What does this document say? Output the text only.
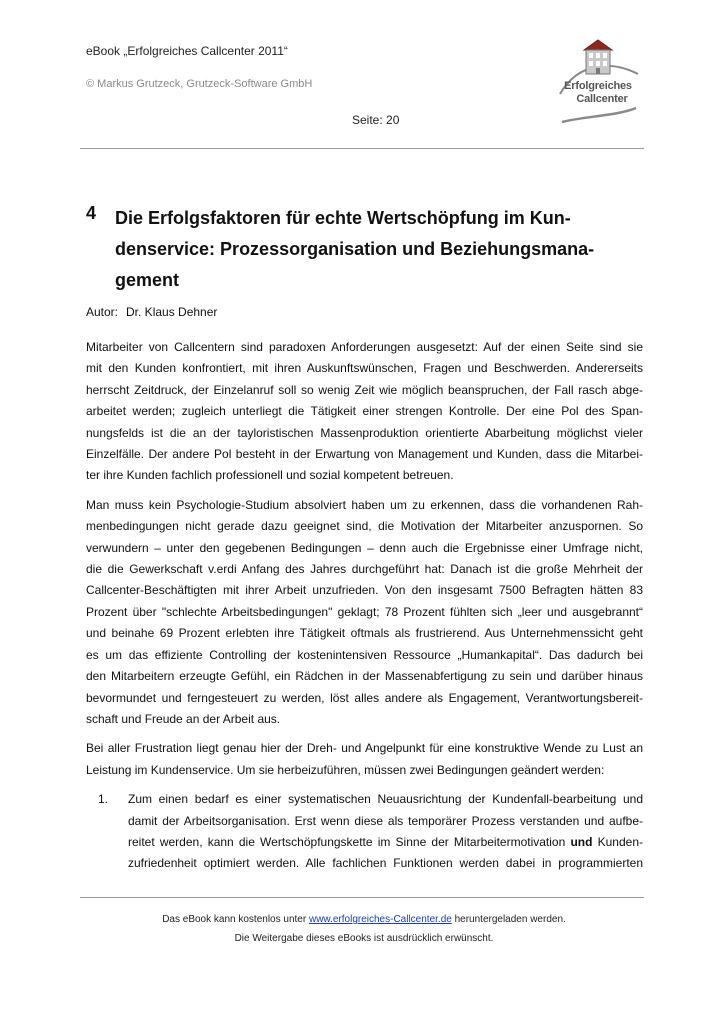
eBook „Erfolgreiches Callcenter 2011“
© Markus Grutzeck, Grutzeck-Software GmbH
Seite: 20
Erfolgreiches
Callcenter
4 Die Erfolgsfaktoren für echte Wertschöpfung im Kun-
denservice: Prozessorganisation und Beziehungsmana-
gement
Autor: Dr. Klaus Dehner

Mitarbeiter von Callcentern sind paradoxen Anforderungen ausgesetzt: Auf der einen Seite sind sie
mit den Kunden konfrontiert, mit ihren Auskunftswünschen, Fragen und Beschwerden. Andererseits
herrscht Zeitdruck, der Einzelanruf soll so wenig Zeit wie möglich beanspruchen, der Fall rasch abge-
arbeitet werden; zugleich unterliegt die Tätigkeit einer strengen Kontrolle. Der eine Pol des Span-
nungsfelds ist die an der tayloristischen Massenproduktion orientierte Abarbeitung möglichst vieler
Einzelfälle. Der andere Pol besteht in der Erwartung von Management und Kunden, dass die Mitarbei-
ter ihre Kunden fachlich professionell und sozial kompetent betreuen.

Man muss kein Psychologie-Studium absolviert haben um zu erkennen, dass die vorhandenen Rah-
menbedingungen nicht gerade dazu geeignet sind, die Motivation der Mitarbeiter anzuspornen. So
verwundern – unter den gegebenen Bedingungen – denn auch die Ergebnisse einer Umfrage nicht,
die die Gewerkschaft v.erdi Anfang des Jahres durchgeführt hat: Danach ist die große Mehrheit der
Callcenter-Beschäftigten mit ihrer Arbeit unzufrieden. Von den insgesamt 7500 Befragten hätten 83
Prozent über "schlechte Arbeitsbedingungen" geklagt; 78 Prozent fühlten sich „leer und ausgebrannt“
und beinahe 69 Prozent erlebten ihre Tätigkeit oftmals als frustrierend. Aus Unternehmenssicht geht
es um das effiziente Controlling der kostenintensiven Ressource „Humankapital“. Das dadurch bei
den Mitarbeitern erzeugte Gefühl, ein Rädchen in der Massenabfertigung zu sein und darüber hinaus
bevormundet und ferngesteuert zu werden, löst alles andere als Engagement, Verantwortungsbereit-
schaft und Freude an der Arbeit aus.

Bei aller Frustration liegt genau hier der Dreh- und Angelpunkt für eine konstruktive Wende zu Lust an
Leistung im Kundenservice. Um sie herbeizuführen, müssen zwei Bedingungen geändert werden:

1. Zum einen bedarf es einer systematischen Neuausrichtung der Kundenfall-bearbeitung und
damit der Arbeitsorganisation. Erst wenn diese als temporärer Prozess verstanden und aufbe-
reitet werden, kann die Wertschöpfungskette im Sinne der Mitarbeitermotivation und Kunden-
zufriedenheit optimiert werden. Alle fachlichen Funktionen werden dabei in programmierten
Das eBook kann kostenlos unter www.erfolgreiches-Callcenter.de heruntergeladen werden.
Die Weitergabe dieses eBooks ist ausdrücklich erwünscht.
